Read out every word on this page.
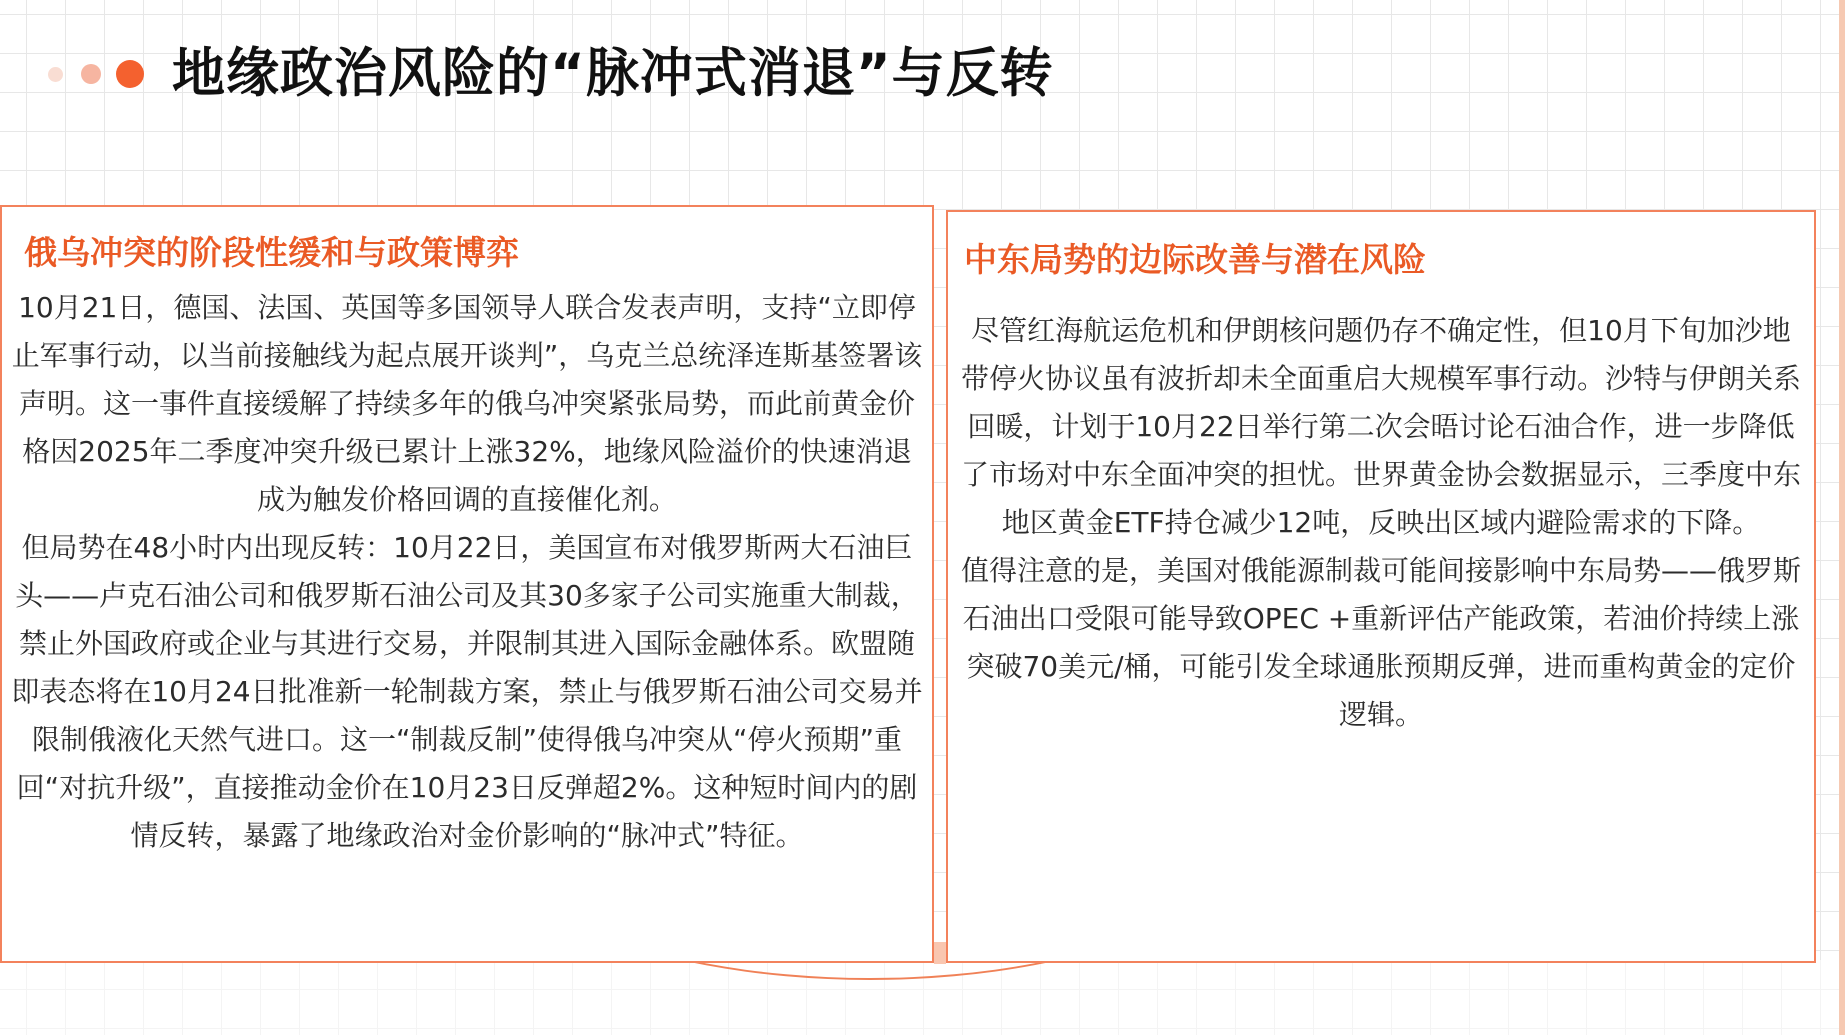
地缘政治风险的“脉冲式消退”与反转
俄乌冲突的阶段性缓和与政策博弈

10月21日，德国、法国、英国等多国领导人联合发表声明，支持“立即停止军事行动，以当前接触线为起点展开谈判”，乌克兰总统泽连斯基签署该声明。这一事件直接缓解了持续多年的俄乌冲突紧张局势，而此前黄金价格因2025年二季度冲突升级已累计上涨32%，地缘风险溢价的快速消退成为触发价格回调的直接催化剂。

但局势在48小时内出现反转：10月22日，美国宣布对俄罗斯两大石油巨头——卢克石油公司和俄罗斯石油公司及其30多家子公司实施重大制裁，禁止外国政府或企业与其进行交易，并限制其进入国际金融体系。欧盟随即表态将在10月24日批准新一轮制裁方案，禁止与俄罗斯石油公司交易并限制俄液化天然气进口。这一“制裁反制”使得俄乌冲突从“停火预期”重回“对抗升级”，直接推动金价在10月23日反弹超2%。这种短时间内的剧情反转，暴露了地缘政治对金价影响的“脉冲式”特征。

中东局势的边际改善与潜在风险

尽管红海航运危机和伊朗核问题仍存不确定性，但10月下旬加沙地带停火协议虽有波折却未全面重启大规模军事行动。沙特与伊朗关系回暖，计划于10月22日举行第二次会晤讨论石油合作，进一步降低了市场对中东全面冲突的担忧。世界黄金协会数据显示，三季度中东地区黄金ETF持仓减少12吨，反映出区域内避险需求的下降。

值得注意的是，美国对俄能源制裁可能间接影响中东局势——俄罗斯石油出口受限可能导致OPEC +重新评估产能政策，若油价持续上涨突破70美元/桶，可能引发全球通胀预期反弹，进而重构黄金的定价逻辑。
